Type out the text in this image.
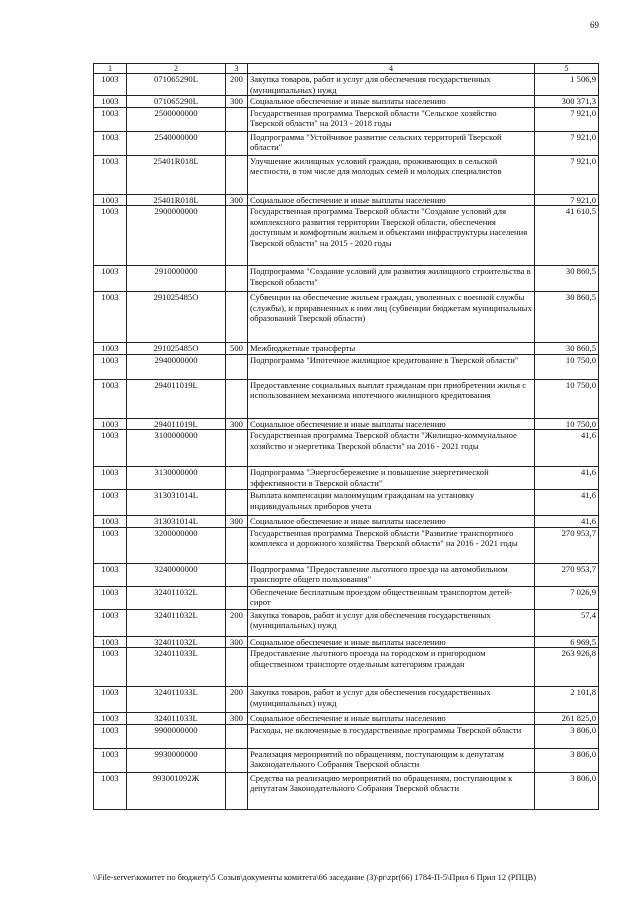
69
1	2	3	4	5
1003	071065290L	200	Закупка товаров, работ и услуг для обеспечения государственных (муниципальных) нужд	1 506,9
1003	071065290L	300	Социальное обеспечение и иные выплаты населению	300 371,3
1003	2500000000		Государственная программа Тверской области "Сельское хозяйство Тверской области" на 2013 - 2018 годы	7 921,0
1003	2540000000		Подпрограмма "Устойчивое развитие сельских территорий Тверской области"	7 921,0
1003	25401R018L		Улучшение жилищных условий граждан, проживающих в сельской местности, в том числе для молодых семей и молодых специалистов	7 921,0
1003	25401R018L	300	Социальное обеспечение и иные выплаты населению	7 921,0
1003	2900000000		Государственная программа Тверской области "Создание условий для комплексного развития территории Тверской области, обеспечения доступным и комфортным жильем и объектами инфраструктуры населения Тверской области" на 2015 - 2020 годы	41 610,5
1003	2910000000		Подпрограмма "Создание условий для развития жилищного строительства в Тверской области"	30 860,5
1003	291025485О		Субвенции на обеспечение жильем граждан, уволенных с военной службы (службы), и приравненных к ним лиц (субвенции бюджетам муниципальных образований Тверской области)	30 860,5
1003	291025485О	500	Межбюджетные трансферты	30 860,5
1003	2940000000		Подпрограмма "Ипотечное жилищное кредитование в Тверской области"	10 750,0
1003	294011019L		Предоставление социальных выплат гражданам при приобретении жилья с использованием механизма ипотечного жилищного кредитования	10 750,0
1003	294011019L	300	Социальное обеспечение и иные выплаты населению	10 750,0
1003	3100000000		Государственная программа Тверской области "Жилищно-коммунальное хозяйство и энергетика Тверской области" на 2016 - 2021 годы	41,6
1003	3130000000		Подпрограмма "Энергосбережение и повышение энергетической эффективности в Тверской области"	41,6
1003	313031014L		Выплата компенсации малоимущим гражданам на установку индивидуальных приборов учета	41,6
1003	313031014L	300	Социальное обеспечение и иные выплаты населению	41,6
1003	3200000000		Государственная программа Тверской области "Развитие транспортного комплекса и дорожного хозяйства Тверской области" на 2016 - 2021 годы	270 953,7
1003	3240000000		Подпрограмма "Предоставление льготного проезда на автомобильном транспорте общего пользования"	270 953,7
1003	324011032L		Обеспечение бесплатным проездом общественным транспортом детей-сирот	7 026,9
1003	324011032L	200	Закупка товаров, работ и услуг для обеспечения государственных (муниципальных) нужд	57,4
1003	324011032L	300	Социальное обеспечение и иные выплаты населению	6 969,5
1003	324011033L		Предоставление льготного проезда на городском и пригородном общественном транспорте отдельным категориям граждан	263 926,8
1003	324011033L	200	Закупка товаров, работ и услуг для обеспечения государственных (муниципальных) нужд	2 101,8
1003	324011033L	300	Социальное обеспечение и иные выплаты населению	261 825,0
1003	9900000000		Расходы, не включенные в государственные программы Тверской области	3 806,0
1003	9930000000		Реализация мероприятий по обращениям, поступающим к депутатам Законодательного Собрания Тверской области	3 806,0
1003	993001092Ж		Средства на реализацию мероприятий по обращениям, поступающим к депутатам Законодательного Собрания Тверской области	3 806,0
\\File-server\комитет по бюджету\5 Созыв\документы комитета\66 заседание (3)\pr\zpr(66) 1784-П-5\Прил 6 Прил 12 (РПЦВ)
